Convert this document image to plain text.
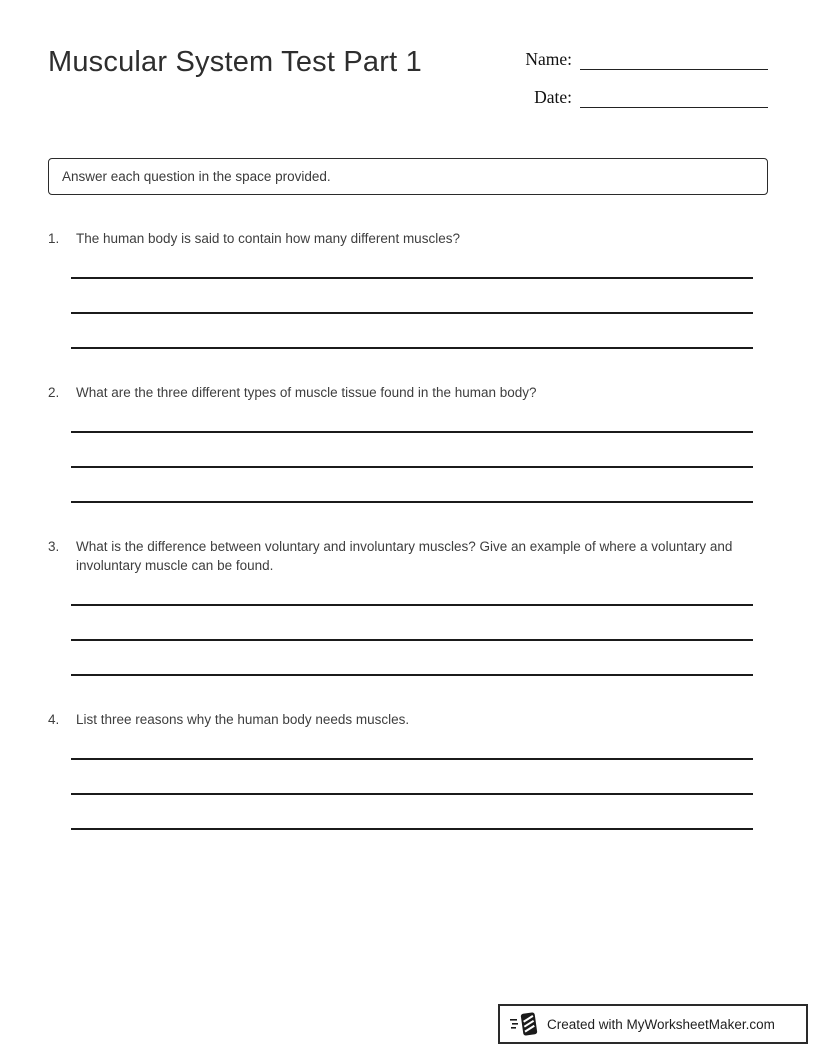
Muscular System Test Part 1	Name:
Date:
Answer each question in the space provided.
1.	The human body is said to contain how many different muscles?
2.	What are the three different types of muscle tissue found in the human body?
3.	What is the difference between voluntary and involuntary muscles? Give an example of where a voluntary and involuntary muscle can be found.
4.	List three reasons why the human body needs muscles.
Created with MyWorksheetMaker.com
